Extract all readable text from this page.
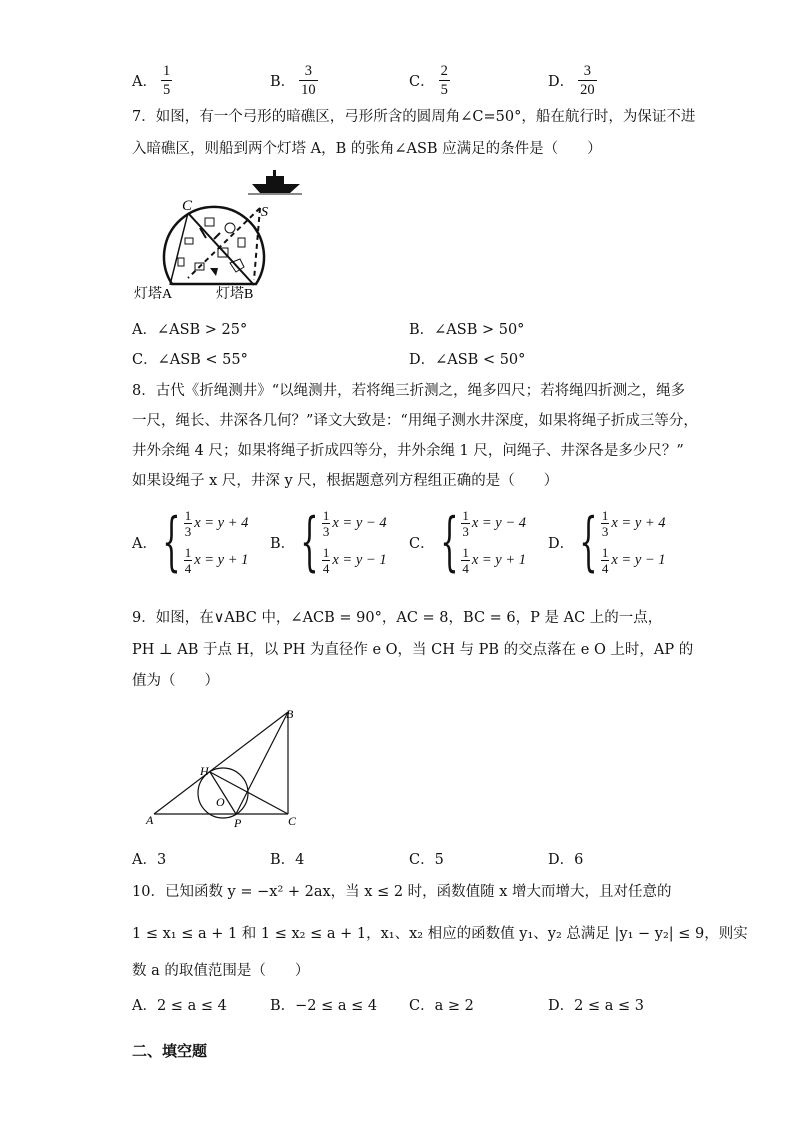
A． $\frac{1}{5}$	B． $\frac{3}{10}$	C． $\frac{2}{5}$	D． $\frac{3}{20}$
7．如图，有一个弓形的暗礁区，弓形所含的圆周角∠C=50°，船在航行时，为保证不进
入暗礁区，则船到两个灯塔 A，B 的张角∠ASB 应满足的条件是（　　）
C	S
灯塔A	灯塔B
A．∠ASB > 25°	B．∠ASB > 50°
C．∠ASB < 55°	D．∠ASB < 50°
8．古代《折绳测井》“以绳测井，若将绳三折测之，绳多四尺；若将绳四折测之，绳多
一尺，绳长、井深各几何？”译文大致是：“用绳子测水井深度，如果将绳子折成三等分，
井外余绳 4 尺；如果将绳子折成四等分，井外余绳 1 尺，问绳子、井深各是多少尺？”
如果设绳子 x 尺，井深 y 尺，根据题意列方程组正确的是（　　）
A． { 1
3
x = y + 4
1
4
x = y + 1
B． { 1
3
x = y − 4
1
4
x = y − 1
C． { 1
3
x = y − 4
1
4
x = y + 1
D． { 1
3
x = y + 4
1
4
x = y − 1
9．如图，在∨ABC 中，∠ACB = 90°，AC = 8，BC = 6，P 是 AC 上的一点，
PH ⊥ AB 于点 H，以 PH 为直径作 e O，当 CH 与 PB 的交点落在 e O 上时，AP 的
值为（　　）
A
B
C
H
O
P
A．3	B．4	C．5	D．6
10．已知函数 y = −x² + 2ax，当 x ≤ 2 时，函数值随 x 增大而增大，且对任意的
1 ≤ x₁ ≤ a + 1 和 1 ≤ x₂ ≤ a + 1，x₁、x₂ 相应的函数值 y₁、y₂ 总满足 |y₁ − y₂| ≤ 9，则实
数 a 的取值范围是（　　）
A．2 ≤ a ≤ 4	B．−2 ≤ a ≤ 4 C．a ≥ 2	D．2 ≤ a ≤ 3
二、填空题
